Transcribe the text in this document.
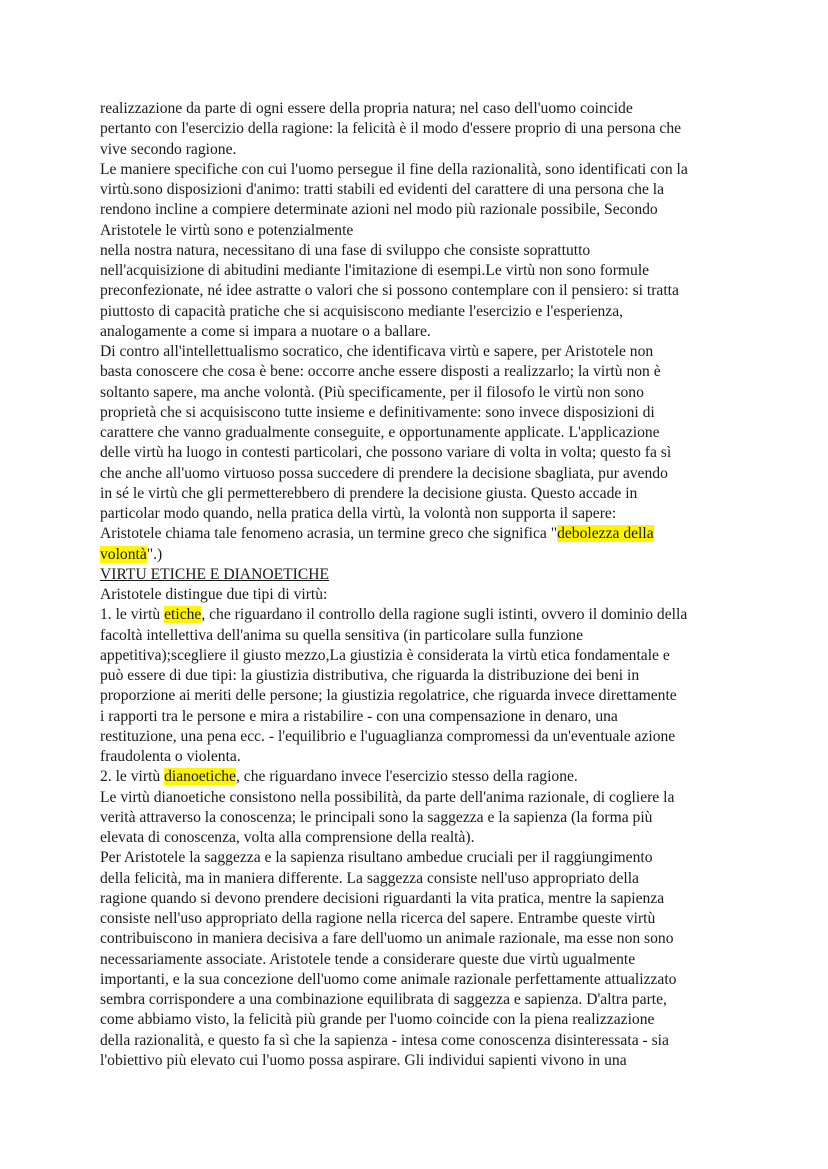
realizzazione da parte di ogni essere della propria natura; nel caso dell'uomo coincide

pertanto con l'esercizio della ragione: la felicità è il modo d'essere proprio di una persona che

vive secondo ragione.

Le maniere specifiche con cui l'uomo persegue il fine della razionalità, sono identificati con la

virtù.sono disposizioni d'animo: tratti stabili ed evidenti del carattere di una persona che la

rendono incline a compiere determinate azioni nel modo più razionale possibile, Secondo

Aristotele le virtù sono e potenzialmente

nella nostra natura, necessitano di una fase di sviluppo che consiste soprattutto

nell'acquisizione di abitudini mediante l'imitazione di esempi.Le virtù non sono formule

preconfezionate, né idee astratte o valori che si possono contemplare con il pensiero: si tratta

piuttosto di capacità pratiche che si acquisiscono mediante l'esercizio e l'esperienza,

analogamente a come si impara a nuotare o a ballare.

Di contro all'intellettualismo socratico, che identificava virtù e sapere, per Aristotele non

basta conoscere che cosa è bene: occorre anche essere disposti a realizzarlo; la virtù non è

soltanto sapere, ma anche volontà. (Più specificamente, per il filosofo le virtù non sono

proprietà che si acquisiscono tutte insieme e definitivamente: sono invece disposizioni di

carattere che vanno gradualmente conseguite, e opportunamente applicate. L'applicazione

delle virtù ha luogo in contesti particolari, che possono variare di volta in volta; questo fa sì

che anche all'uomo virtuoso possa succedere di prendere la decisione sbagliata, pur avendo

in sé le virtù che gli permetterebbero di prendere la decisione giusta. Questo accade in

particolar modo quando, nella pratica della virtù, la volontà non supporta il sapere:

Aristotele chiama tale fenomeno acrasia, un termine greco che significa "debolezza della

volontà".)

VIRTU ETICHE E DIANOETICHE

Aristotele distingue due tipi di virtù:

1. le virtù etiche, che riguardano il controllo della ragione sugli istinti, ovvero il dominio della

facoltà intellettiva dell'anima su quella sensitiva (in particolare sulla funzione

appetitiva);scegliere il giusto mezzo,La giustizia è considerata la virtù etica fondamentale e

può essere di due tipi: la giustizia distributiva, che riguarda la distribuzione dei beni in

proporzione ai meriti delle persone; la giustizia regolatrice, che riguarda invece direttamente

i rapporti tra le persone e mira a ristabilire - con una compensazione in denaro, una

restituzione, una pena ecc. - l'equilibrio e l'uguaglianza compromessi da un'eventuale azione

fraudolenta o violenta.

2. le virtù dianoetiche, che riguardano invece l'esercizio stesso della ragione.

Le virtù dianoetiche consistono nella possibilità, da parte dell'anima razionale, di cogliere la

verità attraverso la conoscenza; le principali sono la saggezza e la sapienza (la forma più

elevata di conoscenza, volta alla comprensione della realtà).

Per Aristotele la saggezza e la sapienza risultano ambedue cruciali per il raggiungimento

della felicità, ma in maniera differente. La saggezza consiste nell'uso appropriato della

ragione quando si devono prendere decisioni riguardanti la vita pratica, mentre la sapienza

consiste nell'uso appropriato della ragione nella ricerca del sapere. Entrambe queste virtù

contribuiscono in maniera decisiva a fare dell'uomo un animale razionale, ma esse non sono

necessariamente associate. Aristotele tende a considerare queste due virtù ugualmente

importanti, e la sua concezione dell'uomo come animale razionale perfettamente attualizzato

sembra corrispondere a una combinazione equilibrata di saggezza e sapienza. D'altra parte,

come abbiamo visto, la felicità più grande per l'uomo coincide con la piena realizzazione

della razionalità, e questo fa sì che la sapienza - intesa come conoscenza disinteressata - sia

l'obiettivo più elevato cui l'uomo possa aspirare. Gli individui sapienti vivono in una
